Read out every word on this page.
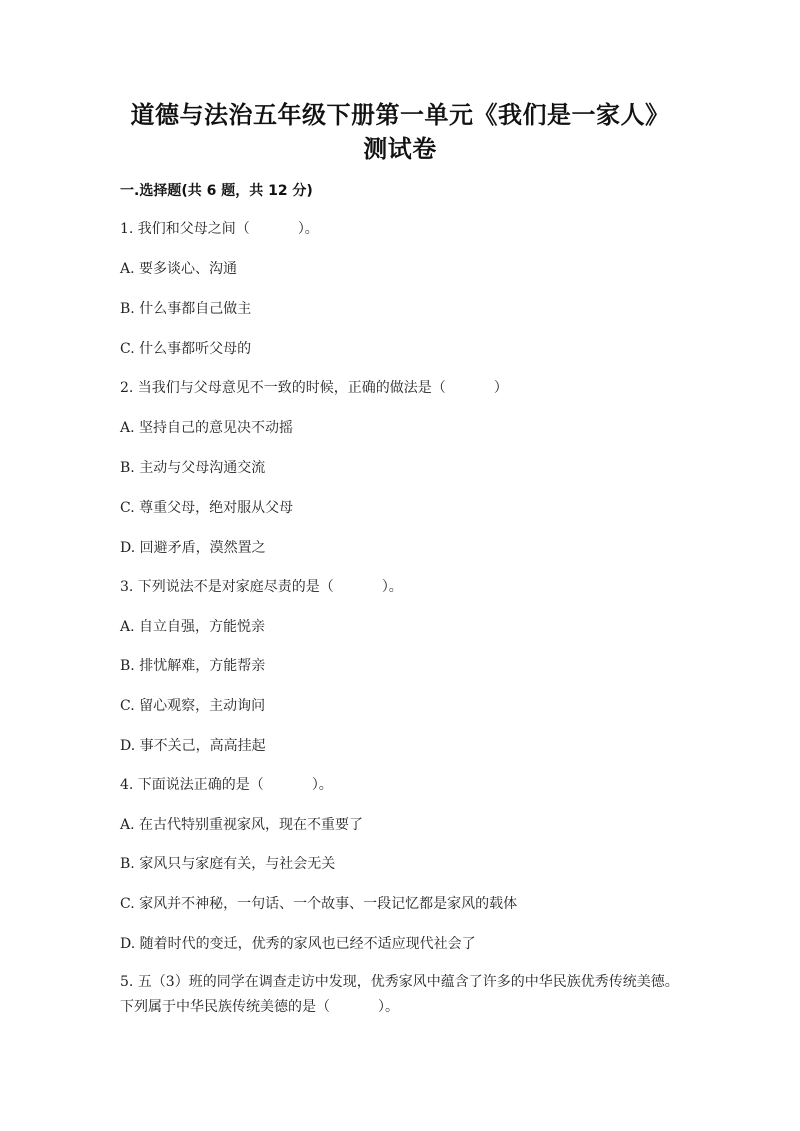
道德与法治五年级下册第一单元《我们是一家人》
测试卷
一.选择题(共 6 题，共 12 分)
1. 我们和父母之间（	）。
A. 要多谈心、沟通
B. 什么事都自己做主
C. 什么事都听父母的
2. 当我们与父母意见不一致的时候，正确的做法是（	）
A. 坚持自己的意见决不动摇
B. 主动与父母沟通交流
C. 尊重父母，绝对服从父母
D. 回避矛盾，漠然置之
3. 下列说法不是对家庭尽责的是（	）。
A. 自立自强，方能悦亲
B. 排忧解难，方能帮亲
C. 留心观察，主动询问
D. 事不关己，高高挂起
4. 下面说法正确的是（	）。
A. 在古代特别重视家风，现在不重要了
B. 家风只与家庭有关，与社会无关
C. 家风并不神秘，一句话、一个故事、一段记忆都是家风的载体
D. 随着时代的变迁，优秀的家风也已经不适应现代社会了
5. 五（3）班的同学在调查走访中发现，优秀家风中蕴含了许多的中华民族优秀传统美德。下列属于中华民族传统美德的是（	）。
